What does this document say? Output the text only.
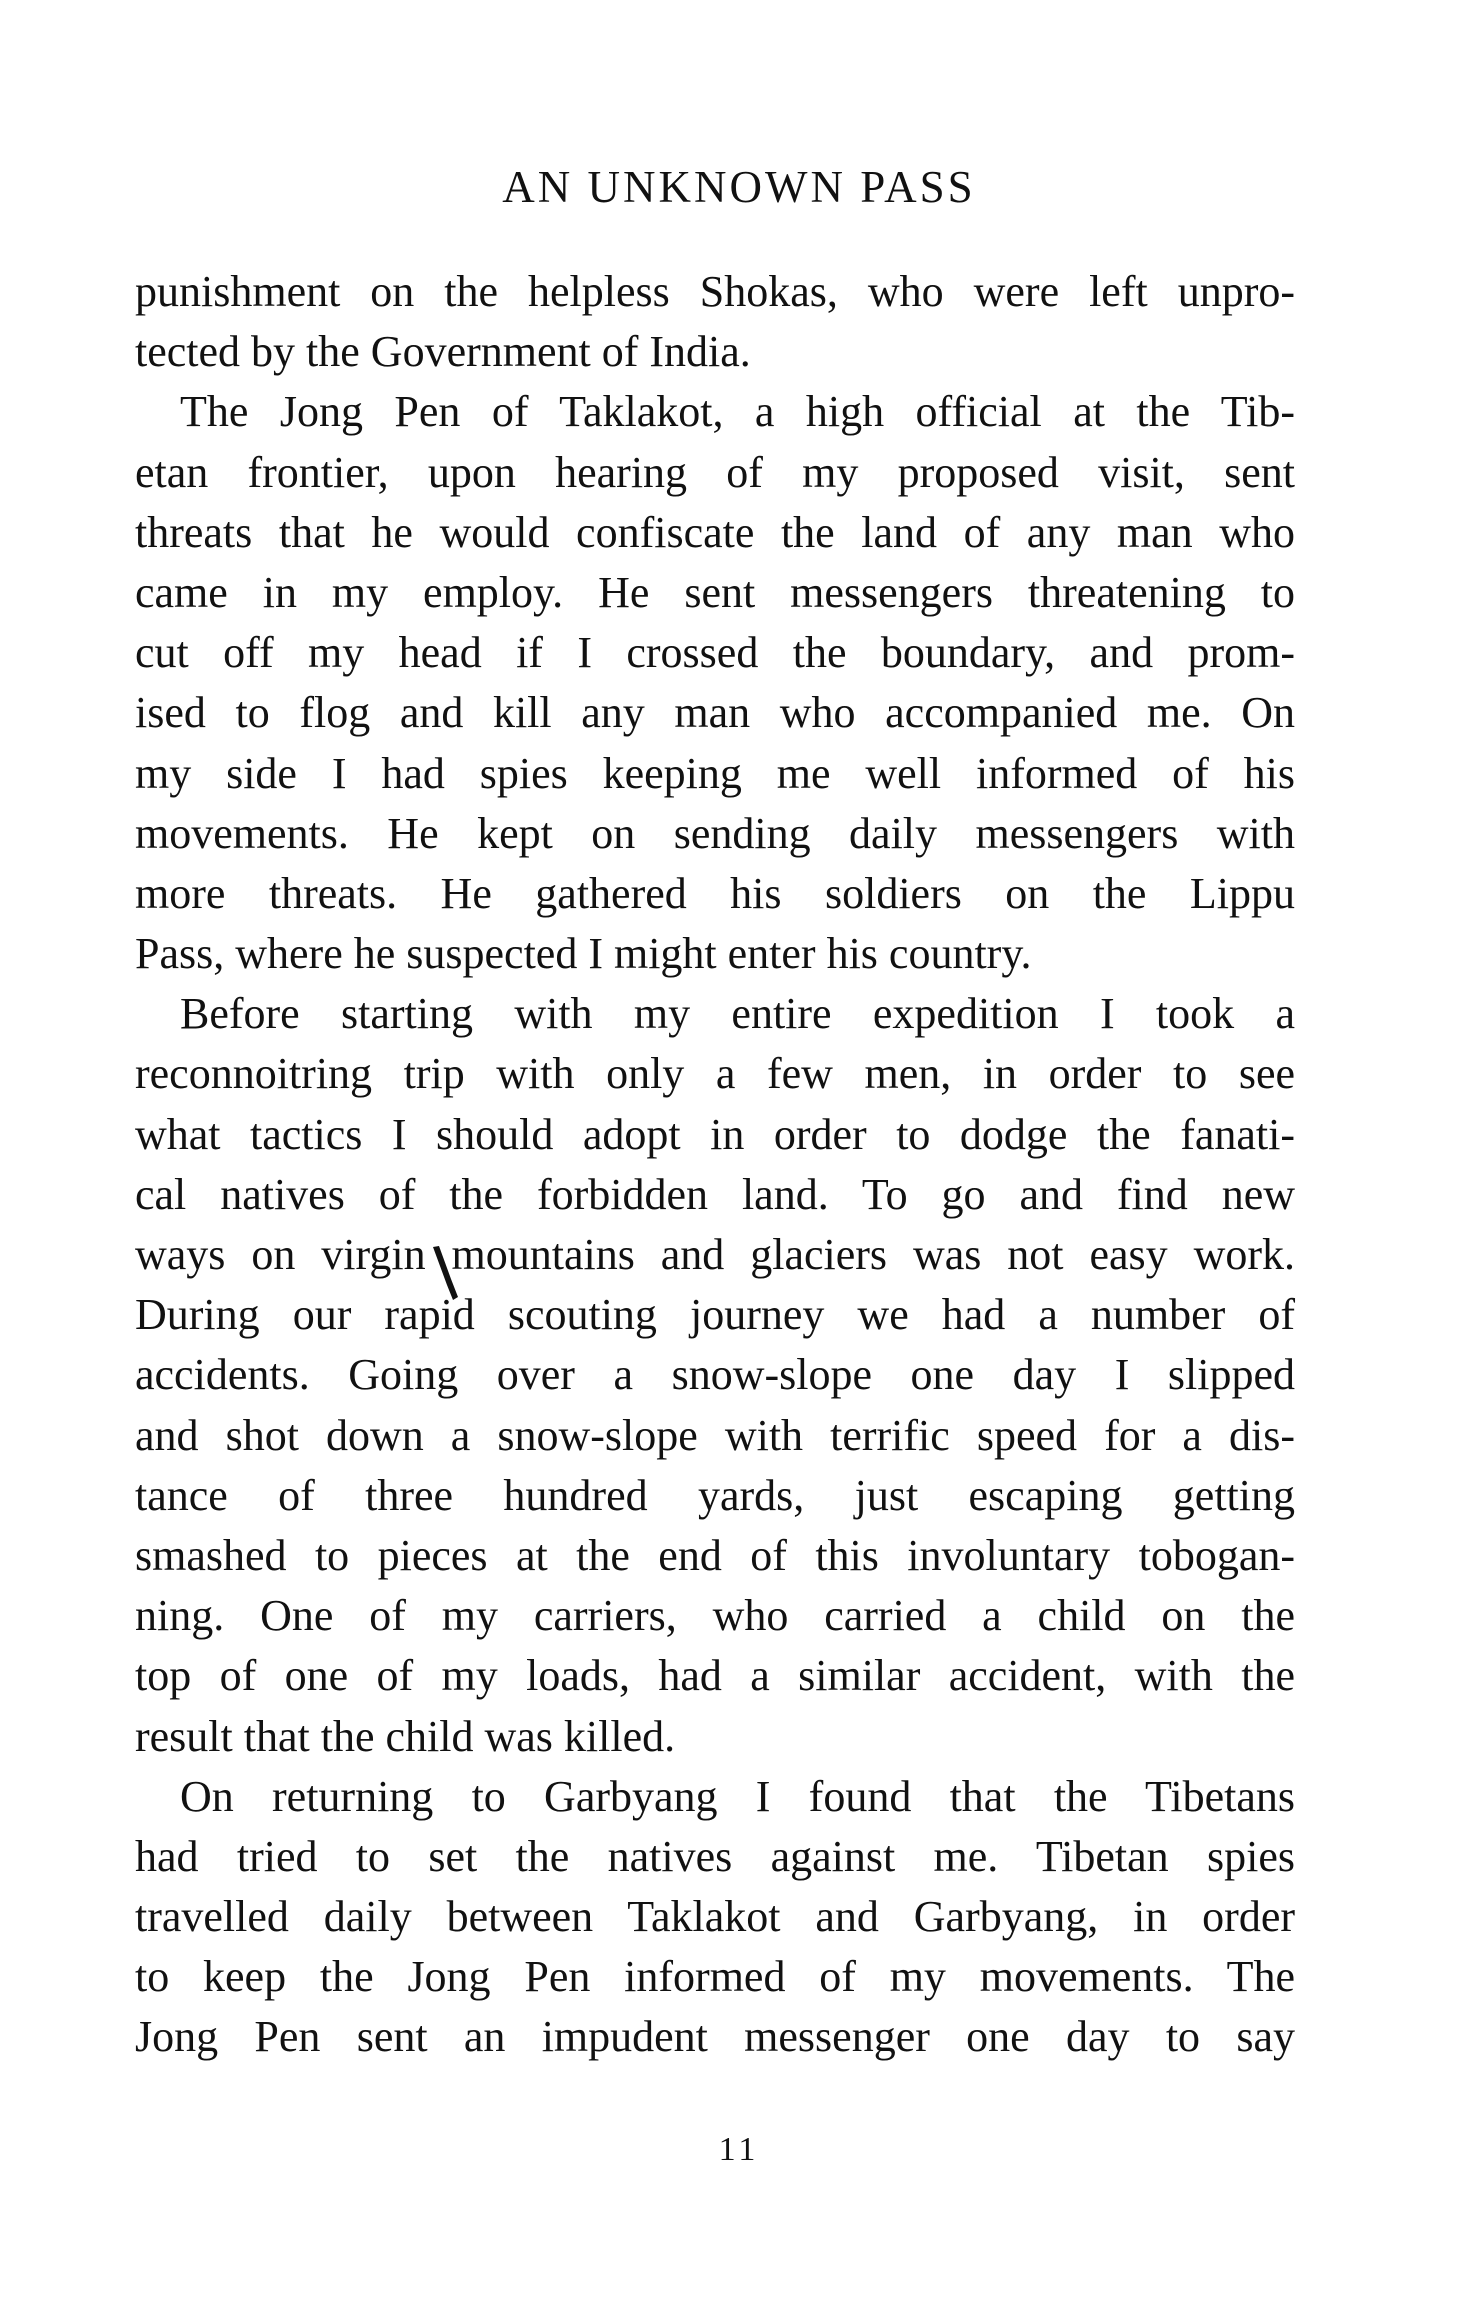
AN UNKNOWN PASS
punishment on the helpless Shokas, who were left unpro-
tected by the Government of India.
The Jong Pen of Taklakot, a high official at the Tib-
etan frontier, upon hearing of my proposed visit, sent
threats that he would confiscate the land of any man who
came in my employ. He sent messengers threatening to
cut off my head if I crossed the boundary, and prom-
ised to flog and kill any man who accompanied me. On
my side I had spies keeping me well informed of his
movements. He kept on sending daily messengers with
more threats. He gathered his soldiers on the Lippu
Pass, where he suspected I might enter his country.
Before starting with my entire expedition I took a
reconnoitring trip with only a few men, in order to see
what tactics I should adopt in order to dodge the fanati-
cal natives of the forbidden land. To go and find new
ways on virgin mountains and glaciers was not easy work.
During our rapid scouting journey we had a number of
accidents. Going over a snow-slope one day I slipped
and shot down a snow-slope with terrific speed for a dis-
tance of three hundred yards, just escaping getting
smashed to pieces at the end of this involuntary tobogan-
ning. One of my carriers, who carried a child on the
top of one of my loads, had a similar accident, with the
result that the child was killed.
On returning to Garbyang I found that the Tibetans
had tried to set the natives against me. Tibetan spies
travelled daily between Taklakot and Garbyang, in order
to keep the Jong Pen informed of my movements. The
Jong Pen sent an impudent messenger one day to say
11
